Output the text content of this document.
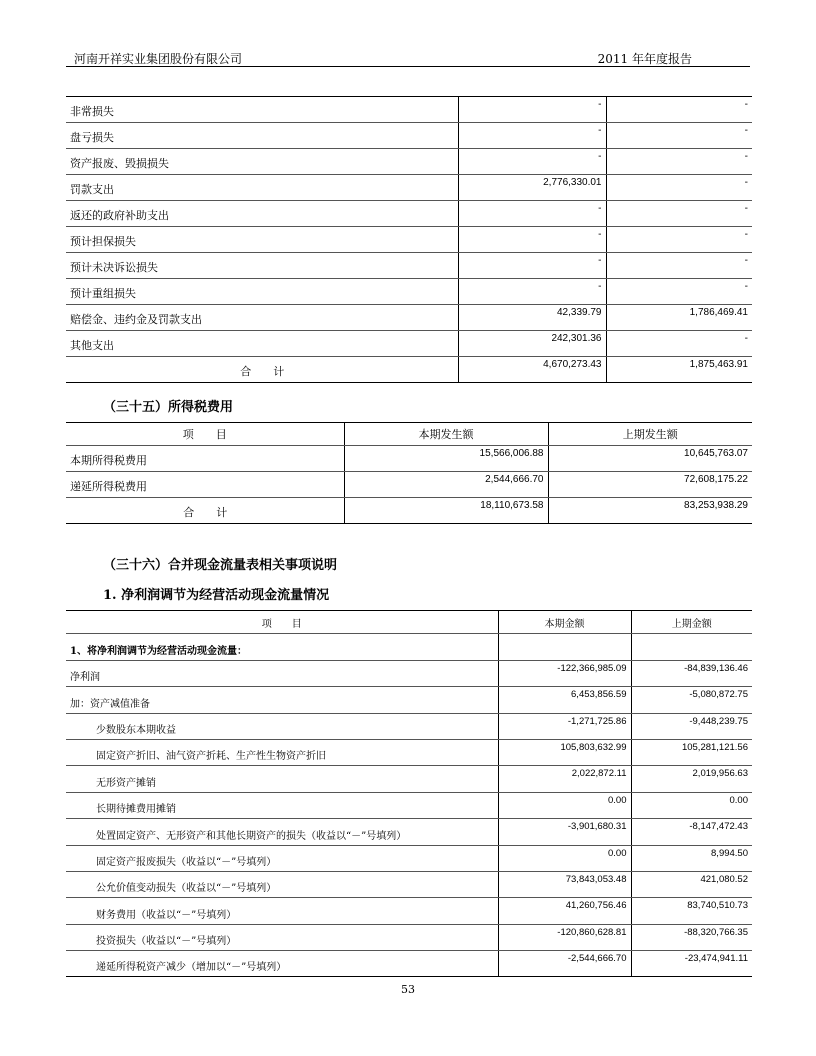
河南开祥实业集团股份有限公司	2011 年年度报告
非常损失	-	-
盘亏损失	-	-
资产报废、毁损损失	-	-
罚款支出	2,776,330.01	-
返还的政府补助支出	-	-
预计担保损失	-	-
预计未决诉讼损失	-	-
预计重组损失	-	-
赔偿金、违约金及罚款支出	42,339.79	1,786,469.41
其他支出	242,301.36	-
合　　计	4,670,273.43	1,875,463.91
（三十五）所得税费用
项　　目	本期发生额	上期发生额
本期所得税费用	15,566,006.88	10,645,763.07
递延所得税费用	2,544,666.70	72,608,175.22
合　　计	18,110,673.58	83,253,938.29
（三十六）合并现金流量表相关事项说明
1. 净利润调节为经营活动现金流量情况
项　　目	本期金额	上期金额
1、将净利润调节为经营活动现金流量：		
净利润	-122,366,985.09	-84,839,136.46
加：资产减值准备	6,453,856.59	-5,080,872.75
少数股东本期收益	-1,271,725.86	-9,448,239.75
固定资产折旧、油气资产折耗、生产性生物资产折旧	105,803,632.99	105,281,121.56
无形资产摊销	2,022,872.11	2,019,956.63
长期待摊费用摊销	0.00	0.00
处置固定资产、无形资产和其他长期资产的损失（收益以“－”号填列）	-3,901,680.31	-8,147,472.43
固定资产报废损失（收益以“－”号填列）	0.00	8,994.50
公允价值变动损失（收益以“－”号填列）	73,843,053.48	421,080.52
财务费用（收益以“－”号填列）	41,260,756.46	83,740,510.73
投资损失（收益以“－”号填列）	-120,860,628.81	-88,320,766.35
递延所得税资产减少（增加以“－”号填列）	-2,544,666.70	-23,474,941.11
53
